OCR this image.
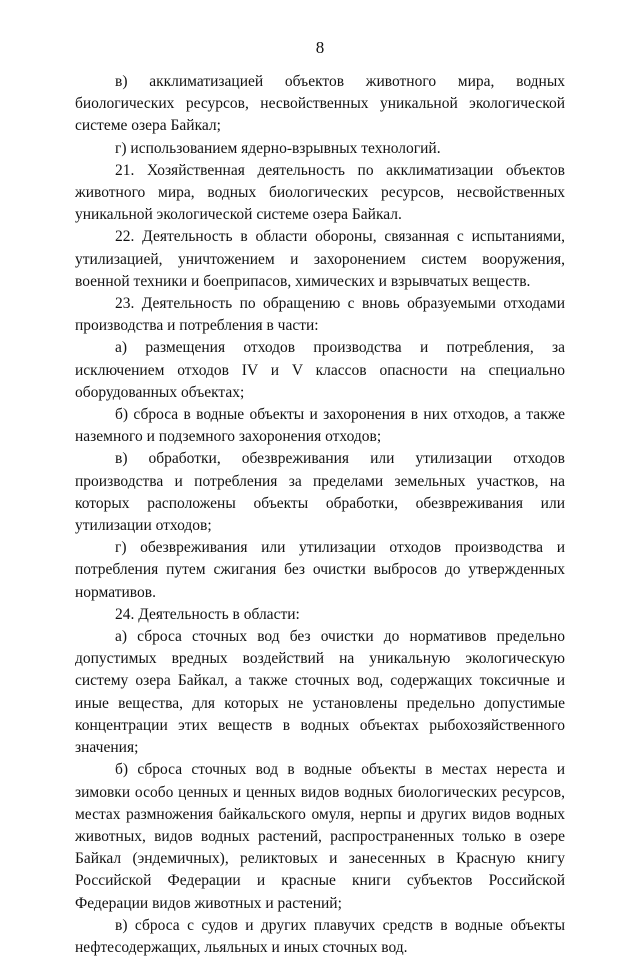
8

в) акклиматизацией объектов животного мира, водных биологических ресурсов, несвойственных уникальной экологической системе озера Байкал;

г) использованием ядерно-взрывных технологий.

21. Хозяйственная деятельность по акклиматизации объектов животного мира, водных биологических ресурсов, несвойственных уникальной экологической системе озера Байкал.

22. Деятельность в области обороны, связанная с испытаниями, утилизацией, уничтожением и захоронением систем вооружения, военной техники и боеприпасов, химических и взрывчатых веществ.

23. Деятельность по обращению с вновь образуемыми отходами производства и потребления в части:

а) размещения отходов производства и потребления, за исключением отходов IV и V классов опасности на специально оборудованных объектах;

б) сброса в водные объекты и захоронения в них отходов, а также наземного и подземного захоронения отходов;

в) обработки, обезвреживания или утилизации отходов производства и потребления за пределами земельных участков, на которых расположены объекты обработки, обезвреживания или утилизации отходов;

г) обезвреживания или утилизации отходов производства и потребления путем сжигания без очистки выбросов до утвержденных нормативов.

24. Деятельность в области:

а) сброса сточных вод без очистки до нормативов предельно допустимых вредных воздействий на уникальную экологическую систему озера Байкал, а также сточных вод, содержащих токсичные и иные вещества, для которых не установлены предельно допустимые концентрации этих веществ в водных объектах рыбохозяйственного значения;

б) сброса сточных вод в водные объекты в местах нереста и зимовки особо ценных и ценных видов водных биологических ресурсов, местах размножения байкальского омуля, нерпы и других видов водных животных, видов водных растений, распространенных только в озере Байкал (эндемичных), реликтовых и занесенных в Красную книгу Российской Федерации и красные книги субъектов Российской Федерации видов животных и растений;

в) сброса с судов и других плавучих средств в водные объекты нефтесодержащих, льяльных и иных сточных вод.
